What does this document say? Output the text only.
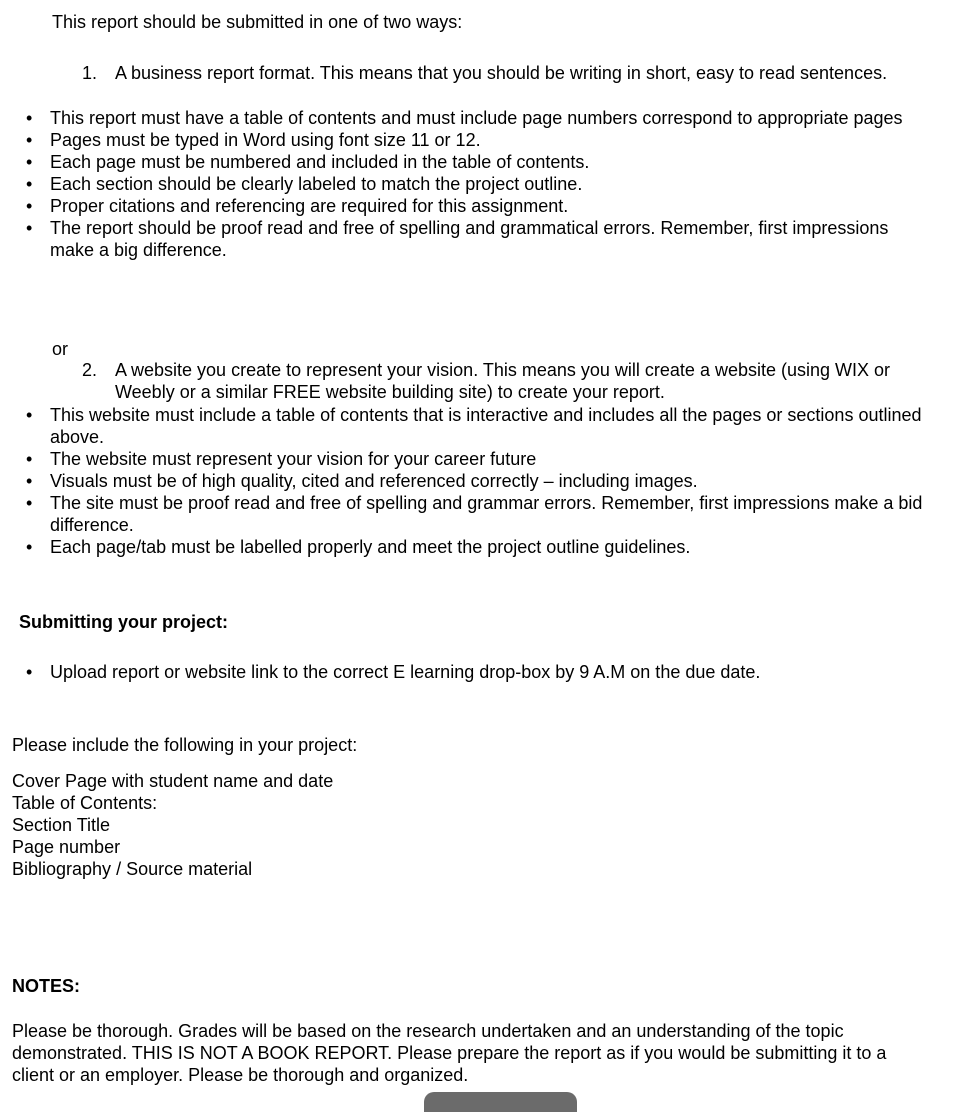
This report should be submitted in one of two ways:

1. A business report format. This means that you should be writing in short, easy to read sentences.
• This report must have a table of contents and must include page numbers correspond to appropriate pages
• Pages must be typed in Word using font size 11 or 12.
• Each page must be numbered and included in the table of contents.
• Each section should be clearly labeled to match the project outline.
• Proper citations and referencing are required for this assignment.
• The report should be proof read and free of spelling and grammatical errors. Remember, first impressions make a big difference.

or

2. A website you create to represent your vision. This means you will create a website (using WIX or Weebly or a similar FREE website building site) to create your report.
• This website must include a table of contents that is interactive and includes all the pages or sections outlined above.
• The website must represent your vision for your career future
• Visuals must be of high quality, cited and referenced correctly – including images.
• The site must be proof read and free of spelling and grammar errors. Remember, first impressions make a bid difference.
• Each page/tab must be labelled properly and meet the project outline guidelines.

Submitting your project:

• Upload report or website link to the correct E learning drop-box by 9 A.M on the due date.

Please include the following in your project:

Cover Page with student name and date
Table of Contents:
Section Title
Page number
Bibliography / Source material

NOTES:

Please be thorough. Grades will be based on the research undertaken and an understanding of the topic demonstrated. THIS IS NOT A BOOK REPORT. Please prepare the report as if you would be submitting it to a client or an employer. Please be thorough and organized.
